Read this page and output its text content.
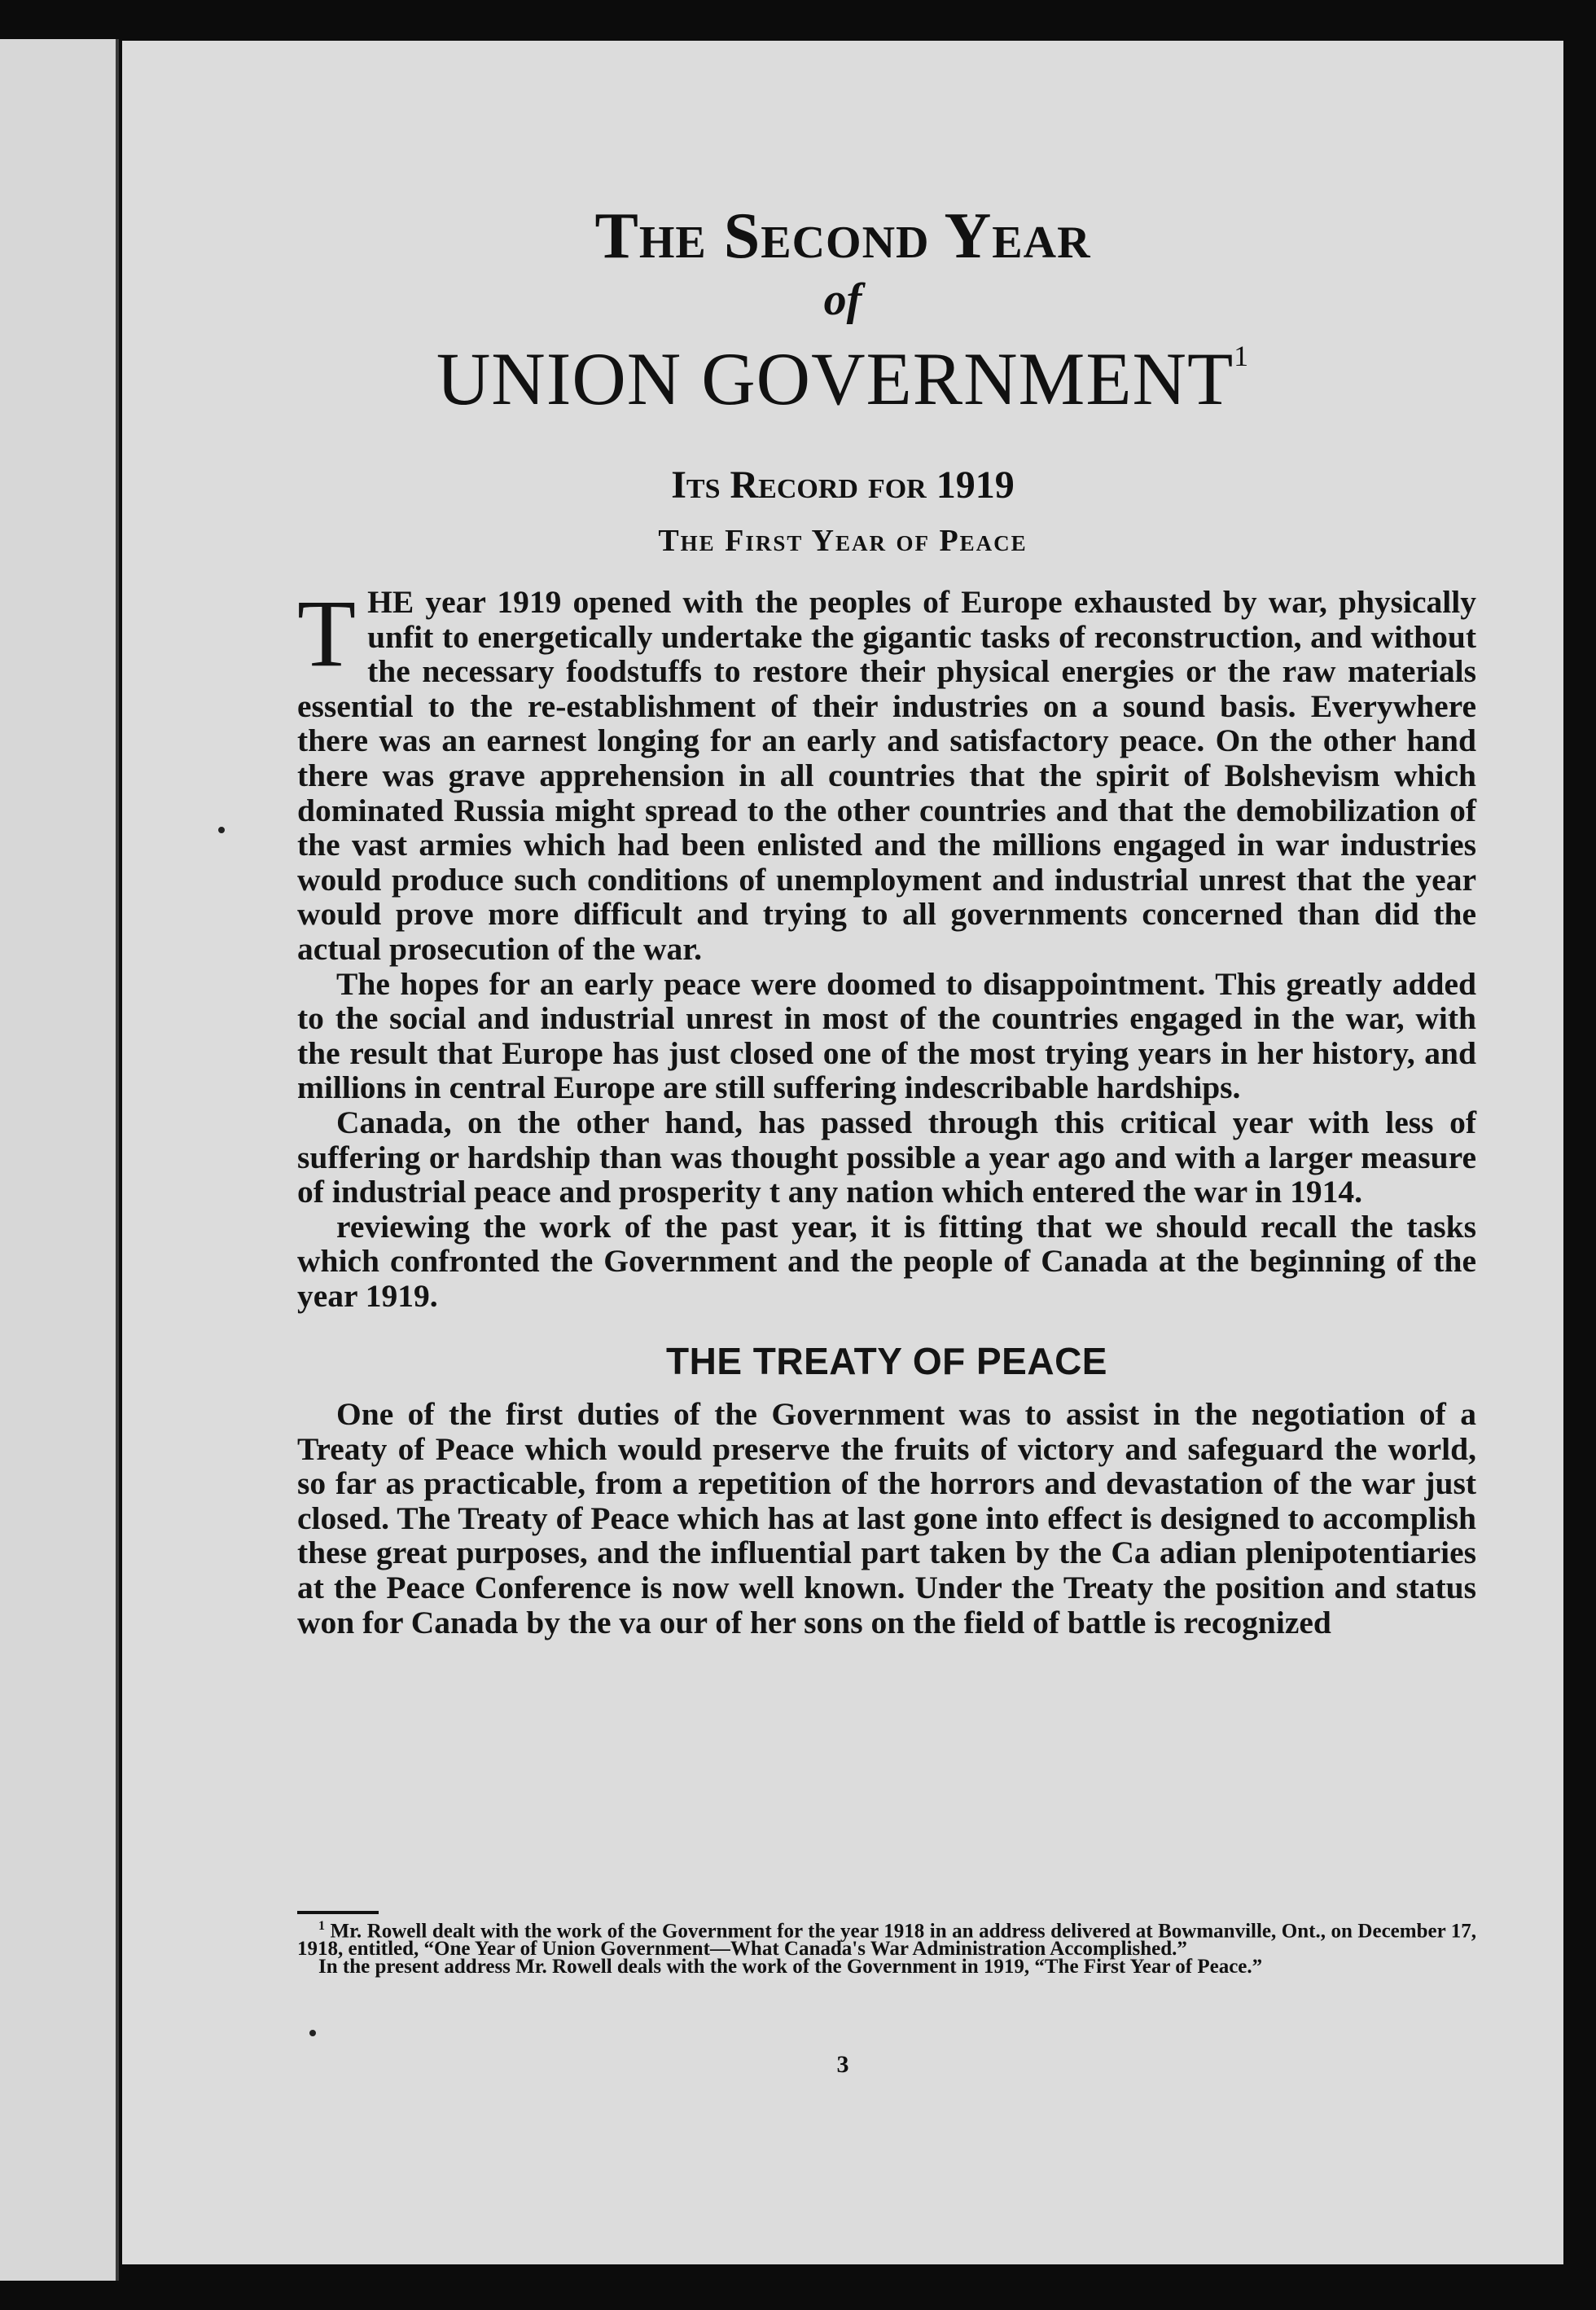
The Second Year
of
UNION GOVERNMENT$^1$
Its Record for 1919
The First Year of Peace

THE year 1919 opened with the peoples of Europe exhausted by war, physically unfit to energetically undertake the gigantic tasks of reconstruction, and without the necessary foodstuffs to restore their physical energies or the raw materials essential to the re-establishment of their industries on a sound basis. Everywhere there was an earnest longing for an early and satisfactory peace. On the other hand there was grave apprehension in all countries that the spirit of Bolshevism which dominated Russia might spread to the other countries and that the demobilization of the vast armies which had been enlisted and the millions engaged in war industries would produce such conditions of unemployment and industrial unrest that the year would prove more difficult and trying to all governments concerned than did the actual prosecution of the war.

The hopes for an early peace were doomed to disappointment. This greatly added to the social and industrial unrest in most of the countries engaged in the war, with the result that Europe has just closed one of the most trying years in her history, and millions in central Europe are still suffering indescribable hardships.

Canada, on the other hand, has passed through this critical year with less of suffering or hardship than was thought possible a year ago and with a larger measure of industrial peace and prosperity t any nation which entered the war in 1914.

reviewing the work of the past year, it is fitting that we should recall the tasks which confronted the Government and the people of Canada at the beginning of the year 1919.

THE TREATY OF PEACE

One of the first duties of the Government was to assist in the negotiation of a Treaty of Peace which would preserve the fruits of victory and safeguard the world, so far as practicable, from a repetition of the horrors and devastation of the war just closed. The Treaty of Peace which has at last gone into effect is designed to accomplish these great purposes, and the influential part taken by the Ca adian plenipotentiaries at the Peace Conference is now well known. Under the Treaty the position and status won for Canada by the va our of her sons on the field of battle is recognized

$^1$ Mr. Rowell dealt with the work of the Government for the year 1918 in an address delivered at Bowmanville, Ont., on December 17, 1918, entitled, “One Year of Union Government—What Canada's War Administration Accomplished.”

In the present address Mr. Rowell deals with the work of the Government in 1919, “The First Year of Peace.”

3
